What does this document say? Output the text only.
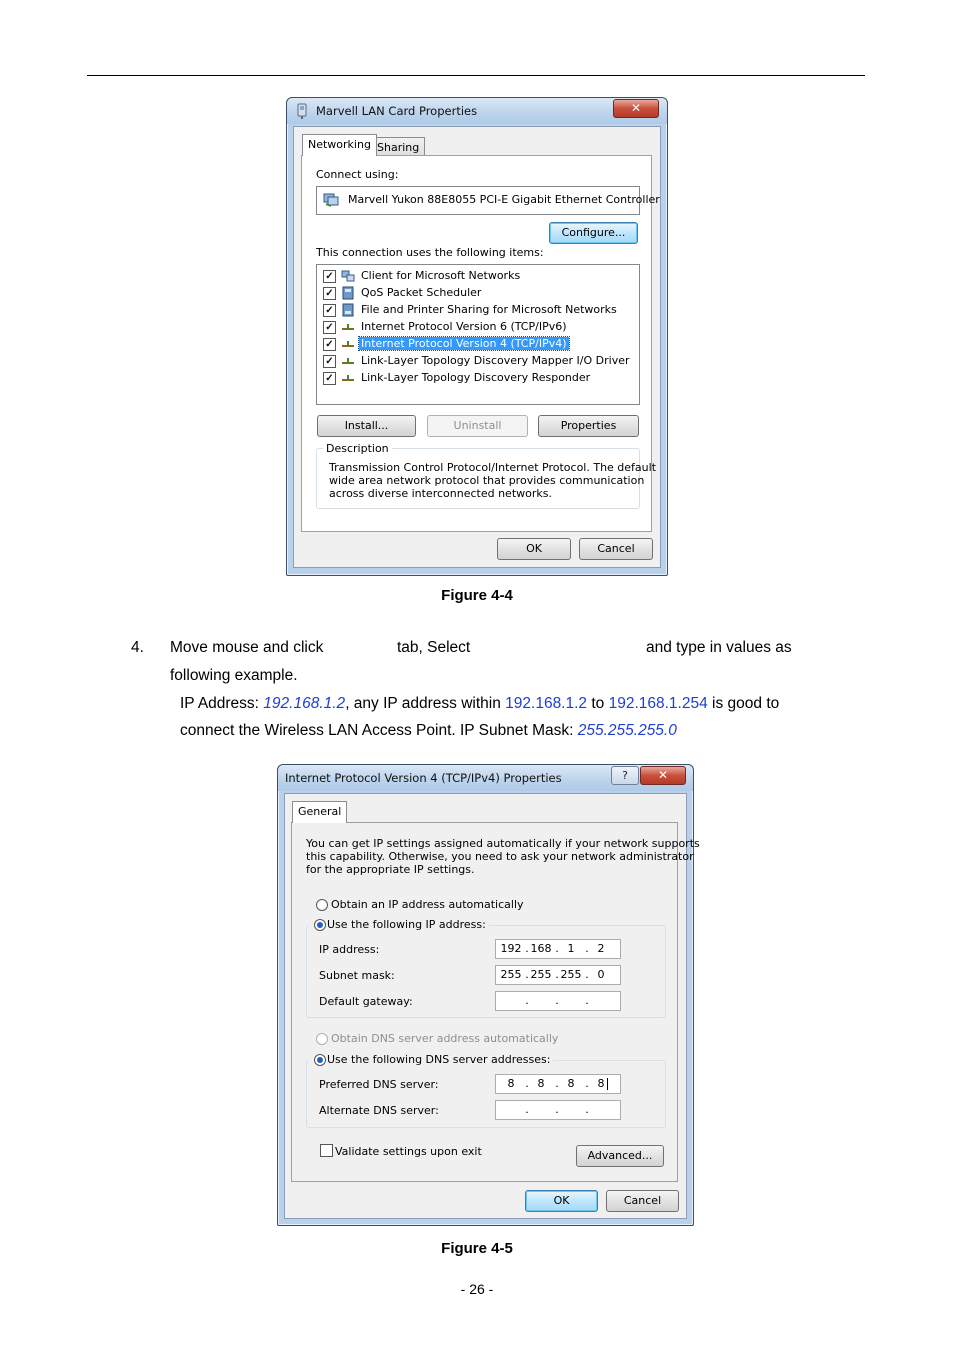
Marvell LAN Card Properties	✕
Networking Sharing
Connect using:
Marvell Yukon 88E8055 PCI-E Gigabit Ethernet Controller
Configure...
This connection uses the following items:
✓ Client for Microsoft Networks
✓ QoS Packet Scheduler
✓ File and Printer Sharing for Microsoft Networks
✓ Internet Protocol Version 6 (TCP/IPv6)
✓ Internet Protocol Version 4 (TCP/IPv4)
✓ Link-Layer Topology Discovery Mapper I/O Driver
✓ Link-Layer Topology Discovery Responder
Install...	Uninstall	Properties
Description
Transmission Control Protocol/Internet Protocol. The default
wide area network protocol that provides communication
across diverse interconnected networks.
OK	Cancel
Figure 4-4
4. Move mouse and click	tab, Select	and type in values as
following example.
IP Address: 192.168.1.2, any IP address within 192.168.1.2 to 192.168.1.254 is good to
connect the Wireless LAN Access Point. IP Subnet Mask: 255.255.255.0
Internet Protocol Version 4 (TCP/IPv4) Properties	?	✕
General
You can get IP settings assigned automatically if your network supports
this capability. Otherwise, you need to ask your network administrator
for the appropriate IP settings.
Obtain an IP address automatically
Use the following IP address:
IP address:	192 . 168 . 1 . 2
Subnet mask:	255 . 255 . 255 . 0
Default gateway:	. . .
Obtain DNS server address automatically
Use the following DNS server addresses:
Preferred DNS server:	8 . 8 . 8 . 8
Alternate DNS server:	. . .
Validate settings upon exit	Advanced...
OK	Cancel
Figure 4-5
- 26 -
